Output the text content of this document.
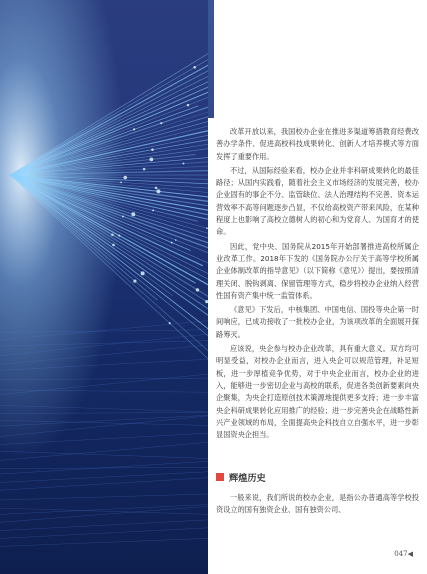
改革开放以来，我国校办企业在推进多渠道筹措教育经费改善办学条件、促进高校科技成果转化、创新人才培养模式等方面发挥了重要作用。

不过，从国际经验来看，校办企业并非科研成果转化的最佳路径；从国内实践看，随着社会主义市场经济的发展完善，校办企业固有的事企不分、监管缺位、法人治理结构不完善、资本运营效率不高等问题逐步凸显，不仅给高校资产带来风险，在某种程度上也影响了高校立德树人的初心和为党育人、为国育才的使命。

因此，党中央、国务院从2015年开始部署推进高校所属企业改革工作。2018年下发的《国务院办公厅关于高等学校所属企业体制改革的指导意见》（以下简称《意见》）提出，要按照清理关闭、脱钩剥离、保留管理等方式，稳步将校办企业纳入经营性国有资产集中统一监管体系。

《意见》下发后，中核集团、中国电信、国投等央企第一时间响应，已成功接收了一批校办企业，为该项改革的全面展开探路筹灭。

应该说，央企参与校办企业改革，具有重大意义。双方均可明显受益，对校办企业而言，进入央企可以规范管理，补足短板，进一步厚植竞争优势，对于中央企业而言，校办企业的进入，能够进一步密切企业与高校的联系，促进各类创新要素向央企聚集，为央企打造原创技术策源地提供更多支持；进一步丰富央企科研成果转化应用推广的经验；进一步完善央企在战略性新兴产业领域的布局，全面提高央企科技自立自强水平，进一步彰显国资央企担当。

辉煌历史

一般来说，我们所说的校办企业，是指公办普通高等学校投资设立的国有独资企业、国有独资公司、

047◀
